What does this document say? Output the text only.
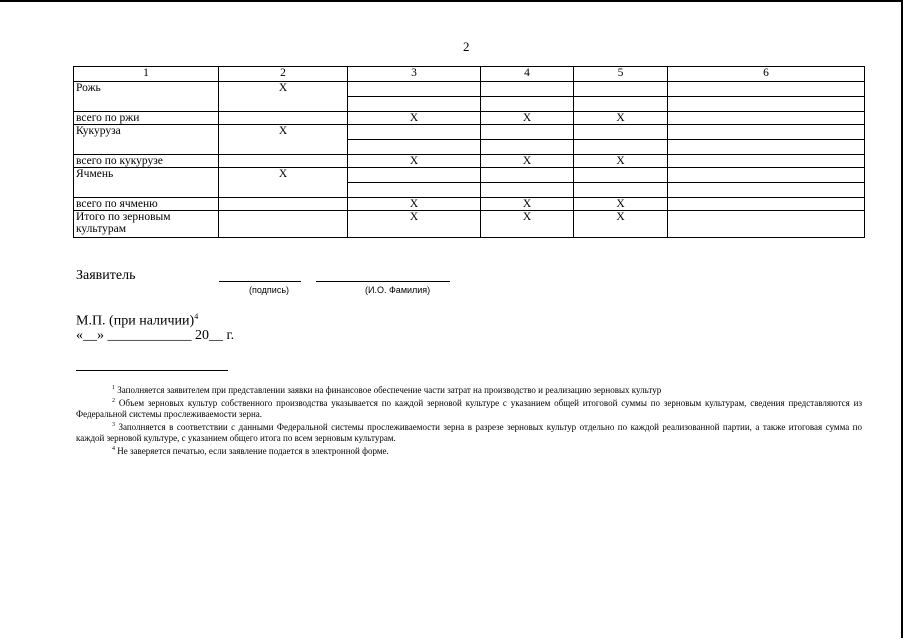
2
1	2	3	4	5	6
Рожь	Х				

всего по ржи		Х	Х	Х	
Кукуруза	Х				

всего по кукурузе		Х	Х	Х	
Ячмень	Х				

всего по ячменю		Х	Х	Х	
Итого по зерновым культурам		Х	Х	Х	
Заявитель
(подпись)	(И.О. Фамилия)
М.П. (при наличии)$^4$
«__» ____________ 20__ г.

$^1$ Заполняется заявителем при представлении заявки на финансовое обеспечение части затрат на производство и реализацию зерновых культур

$^2$ Объем зерновых культур собственного производства указывается по каждой зерновой культуре с указанием общей итоговой суммы по зерновым культурам, сведения представляются из Федеральной системы прослеживаемости зерна.

$^3$ Заполняется в соответствии с данными Федеральной системы прослеживаемости зерна в разрезе зерновых культур отдельно по каждой реализованной партии, а также итоговая сумма по каждой зерновой культуре, с указанием общего итога по всем зерновым культурам.

$^4$ Не заверяется печатью, если заявление подается в электронной форме.
